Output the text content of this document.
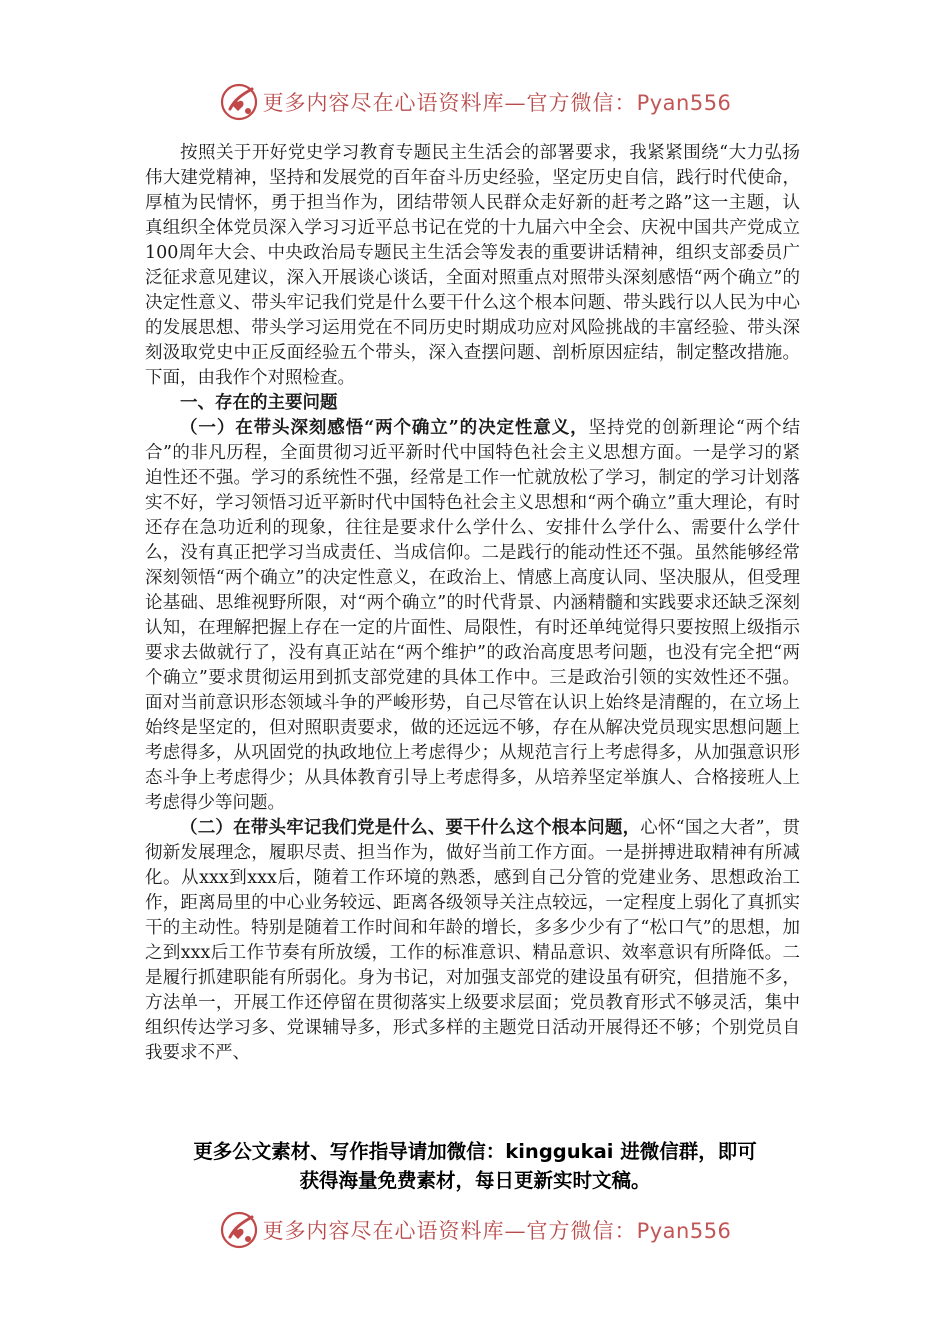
更多内容尽在心语资料库—官方微信：Pyan556

按照关于开好党史学习教育专题民主生活会的部署要求，我紧紧围绕“大力弘扬伟大建党精神，坚持和发展党的百年奋斗历史经验，坚定历史自信，践行时代使命，厚植为民情怀，勇于担当作为，团结带领人民群众走好新的赶考之路”这一主题，认真组织全体党员深入学习习近平总书记在党的十九届六中全会、庆祝中国共产党成立100周年大会、中央政治局专题民主生活会等发表的重要讲话精神，组织支部委员广泛征求意见建议，深入开展谈心谈话，全面对照重点对照带头深刻感悟“两个确立”的决定性意义、带头牢记我们党是什么要干什么这个根本问题、带头践行以人民为中心的发展思想、带头学习运用党在不同历史时期成功应对风险挑战的丰富经验、带头深刻汲取党史中正反面经验五个带头，深入查摆问题、剖析原因症结，制定整改措施。下面，由我作个对照检查。

一、存在的主要问题

（一）在带头深刻感悟“两个确立”的决定性意义，坚持党的创新理论“两个结合”的非凡历程，全面贯彻习近平新时代中国特色社会主义思想方面。一是学习的紧迫性还不强。学习的系统性不强，经常是工作一忙就放松了学习，制定的学习计划落实不好，学习领悟习近平新时代中国特色社会主义思想和“两个确立”重大理论，有时还存在急功近利的现象，往往是要求什么学什么、安排什么学什么、需要什么学什么，没有真正把学习当成责任、当成信仰。二是践行的能动性还不强。虽然能够经常深刻领悟“两个确立”的决定性意义，在政治上、情感上高度认同、坚决服从，但受理论基础、思维视野所限，对“两个确立”的时代背景、内涵精髓和实践要求还缺乏深刻认知，在理解把握上存在一定的片面性、局限性，有时还单纯觉得只要按照上级指示要求去做就行了，没有真正站在“两个维护”的政治高度思考问题，也没有完全把“两个确立”要求贯彻运用到抓支部党建的具体工作中。三是政治引领的实效性还不强。面对当前意识形态领域斗争的严峻形势，自己尽管在认识上始终是清醒的，在立场上始终是坚定的，但对照职责要求，做的还远远不够，存在从解决党员现实思想问题上考虑得多，从巩固党的执政地位上考虑得少；从规范言行上考虑得多，从加强意识形态斗争上考虑得少；从具体教育引导上考虑得多，从培养坚定举旗人、合格接班人上考虑得少等问题。

（二）在带头牢记我们党是什么、要干什么这个根本问题，心怀“国之大者”，贯彻新发展理念，履职尽责、担当作为，做好当前工作方面。一是拼搏进取精神有所减化。从xxx到xxx后，随着工作环境的熟悉，感到自己分管的党建业务、思想政治工作，距离局里的中心业务较远、距离各级领导关注点较远，一定程度上弱化了真抓实干的主动性。特别是随着工作时间和年龄的增长，多多少少有了“松口气”的思想，加之到xxx后工作节奏有所放缓，工作的标准意识、精品意识、效率意识有所降低。二是履行抓建职能有所弱化。身为书记，对加强支部党的建设虽有研究，但措施不多，方法单一，开展工作还停留在贯彻落实上级要求层面；党员教育形式不够灵活，集中组织传达学习多、党课辅导多，形式多样的主题党日活动开展得还不够；个别党员自我要求不严、

更多公文素材、写作指导请加微信：kinggukai 进微信群，即可
获得海量免费素材，每日更新实时文稿。
更多内容尽在心语资料库—官方微信：Pyan556
